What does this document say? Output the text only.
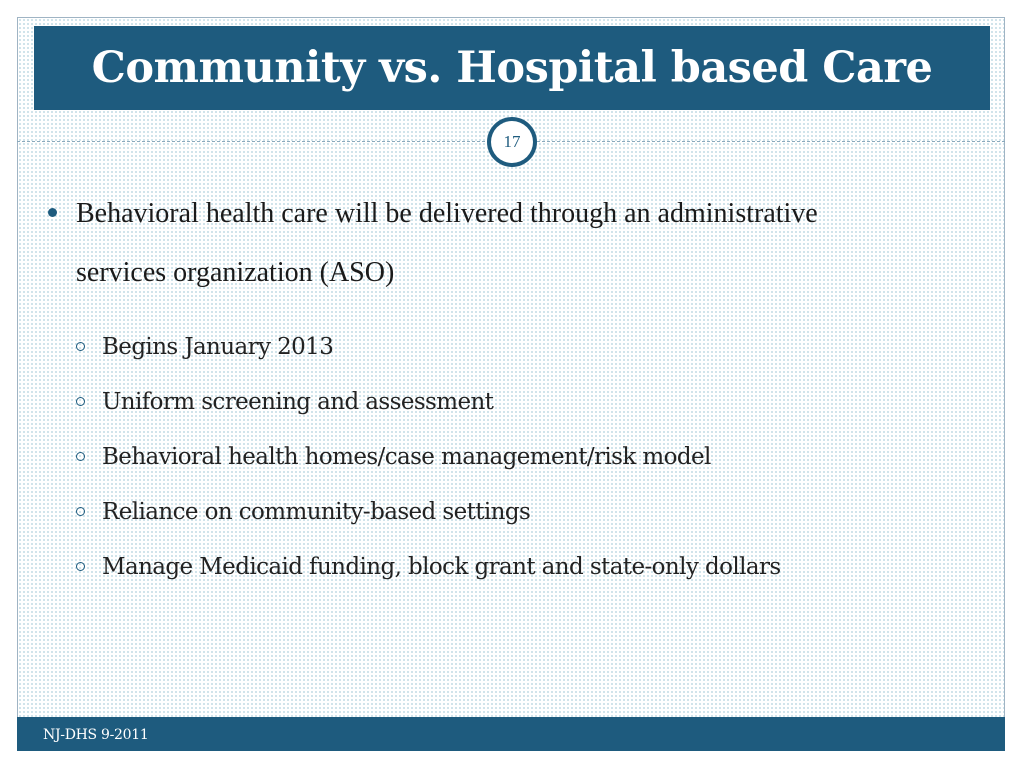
Community vs. Hospital based Care
17
Behavioral health care will be delivered through an administrative services organization (ASO)
Begins January 2013
Uniform screening and assessment
Behavioral health homes/case management/risk model
Reliance on community-based settings
Manage Medicaid funding, block grant and state-only dollars
NJ-DHS 9-2011
